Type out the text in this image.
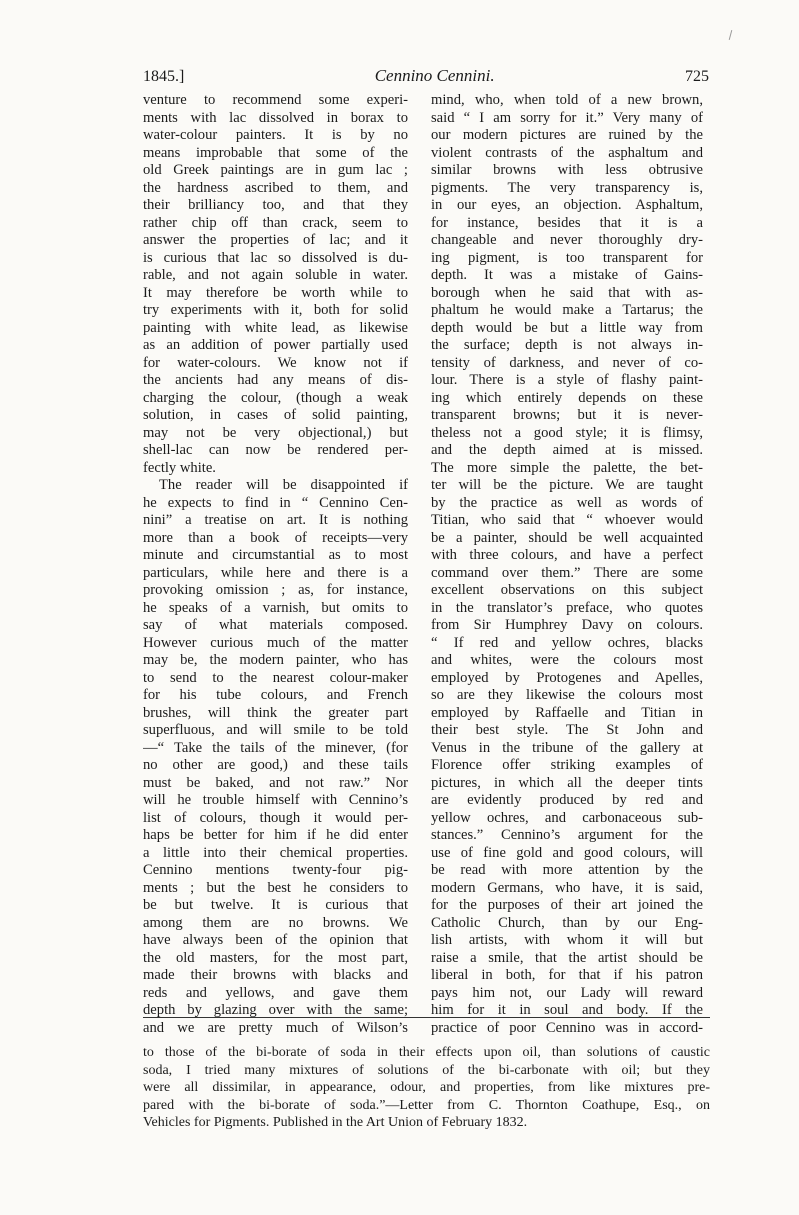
1845.]	Cennino Cennini.	725
venture to recommend some experi-
ments with lac dissolved in borax to
water-colour painters. It is by no
means improbable that some of the
old Greek paintings are in gum lac ;
the hardness ascribed to them, and
their brilliancy too, and that they
rather chip off than crack, seem to
answer the properties of lac; and it
is curious that lac so dissolved is du-
rable, and not again soluble in water.
It may therefore be worth while to
try experiments with it, both for solid
painting with white lead, as likewise
as an addition of power partially used
for water-colours. We know not if
the ancients had any means of dis-
charging the colour, (though a weak
solution, in cases of solid painting,
may not be very objectional,) but
shell-lac can now be rendered per-
fectly white.
The reader will be disappointed if
he expects to find in “ Cennino Cen-
nini” a treatise on art. It is nothing
more than a book of receipts—very
minute and circumstantial as to most
particulars, while here and there is a
provoking omission ; as, for instance,
he speaks of a varnish, but omits to
say of what materials composed.
However curious much of the matter
may be, the modern painter, who has
to send to the nearest colour-maker
for his tube colours, and French
brushes, will think the greater part
superfluous, and will smile to be told
—“ Take the tails of the minever, (for
no other are good,) and these tails
must be baked, and not raw.” Nor
will he trouble himself with Cennino’s
list of colours, though it would per-
haps be better for him if he did enter
a little into their chemical properties.
Cennino mentions twenty-four pig-
ments ; but the best he considers to
be but twelve. It is curious that
among them are no browns. We
have always been of the opinion that
the old masters, for the most part,
made their browns with blacks and
reds and yellows, and gave them
depth by glazing over with the same;
and we are pretty much of Wilson’s
mind, who, when told of a new brown,
said “ I am sorry for it.” Very many of
our modern pictures are ruined by the
violent contrasts of the asphaltum and
similar browns with less obtrusive
pigments. The very transparency is,
in our eyes, an objection. Asphaltum,
for instance, besides that it is a
changeable and never thoroughly dry-
ing pigment, is too transparent for
depth. It was a mistake of Gains-
borough when he said that with as-
phaltum he would make a Tartarus; the
depth would be but a little way from
the surface; depth is not always in-
tensity of darkness, and never of co-
lour. There is a style of flashy paint-
ing which entirely depends on these
transparent browns; but it is never-
theless not a good style; it is flimsy,
and the depth aimed at is missed.
The more simple the palette, the bet-
ter will be the picture. We are taught
by the practice as well as words of
Titian, who said that “ whoever would
be a painter, should be well acquainted
with three colours, and have a perfect
command over them.” There are some
excellent observations on this subject
in the translator’s preface, who quotes
from Sir Humphrey Davy on colours.
“ If red and yellow ochres, blacks
and whites, were the colours most
employed by Protogenes and Apelles,
so are they likewise the colours most
employed by Raffaelle and Titian in
their best style. The St John and
Venus in the tribune of the gallery at
Florence offer striking examples of
pictures, in which all the deeper tints
are evidently produced by red and
yellow ochres, and carbonaceous sub-
stances.” Cennino’s argument for the
use of fine gold and good colours, will
be read with more attention by the
modern Germans, who have, it is said,
for the purposes of their art joined the
Catholic Church, than by our Eng-
lish artists, with whom it will but
raise a smile, that the artist should be
liberal in both, for that if his patron
pays him not, our Lady will reward
him for it in soul and body. If the
practice of poor Cennino was in accord-
to those of the bi-borate of soda in their effects upon oil, than solutions of caustic
soda, I tried many mixtures of solutions of the bi-carbonate with oil; but they
were all dissimilar, in appearance, odour, and properties, from like mixtures pre-
pared with the bi-borate of soda.”—Letter from C. Thornton Coathupe, Esq., on
Vehicles for Pigments. Published in the Art Union of February 1832.
